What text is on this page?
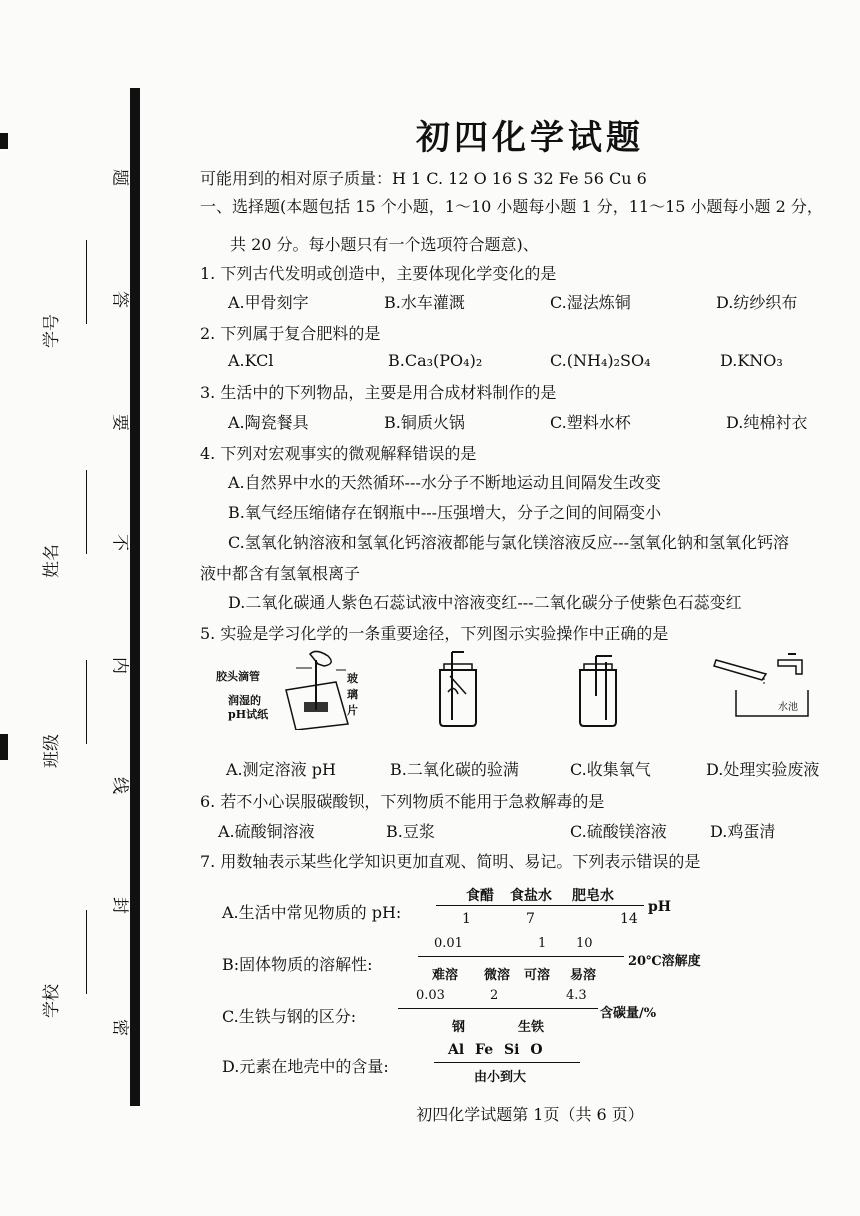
题
答
要
不
内
线
封
密
学号
姓名
班级
学校
初四化学试题
可能用到的相对原子质量：H 1 C. 12 O 16 S 32 Fe 56 Cu 6
一、选择题(本题包括 15 个小题，1～10 小题每小题 1 分，11～15 小题每小题 2 分，
共 20 分。每小题只有一个选项符合题意)、
1. 下列古代发明或创造中，主要体现化学变化的是
A.甲骨刻字	B.水车灌溉	C.湿法炼铜	D.纺纱织布
2. 下列属于复合肥料的是
A.KCl	B.Ca₃(PO₄)₂	C.(NH₄)₂SO₄	D.KNO₃
3. 生活中的下列物品，主要是用合成材料制作的是
A.陶瓷餐具	B.铜质火锅	C.塑料水杯	D.纯棉衬衣
4. 下列对宏观事实的微观解释错误的是
A.自然界中水的天然循环---水分子不断地运动且间隔发生改变
B.氧气经压缩储存在钢瓶中---压强增大，分子之间的间隔变小
C.氢氧化钠溶液和氢氧化钙溶液都能与氯化镁溶液反应---氢氧化钠和氢氧化钙溶
液中都含有氢氧根离子
D.二氧化碳通人紫色石蕊试液中溶液变红---二氧化碳分子使紫色石蕊变红
5. 实验是学习化学的一条重要途径，下列图示实验操作中正确的是
胶头滴管
润湿的
pH试纸
玻
璃
片	水池
A.测定溶液 pH	B.二氧化碳的验满	C.收集氧气	D.处理实验废液
6. 若不小心误服碳酸钡，下列物质不能用于急救解毒的是
A.硫酸铜溶液	B.豆浆	C.硫酸镁溶液	D.鸡蛋清
7. 用数轴表示某些化学知识更加直观、简明、易记。下列表示错误的是
A.生活中常见物质的 pH:
食醋 食盐水 肥皂水
1	7	14
pH
B:固体物质的溶解性:
0.01	1 10
难溶 微溶 可溶 易溶
20℃溶解度
C.生铁与钢的区分:
0.03	2	4.3
钢	生铁
含碳量/%
D.元素在地壳中的含量:
Al Fe Si O
由小到大
初四化学试题第 1页（共 6 页）
